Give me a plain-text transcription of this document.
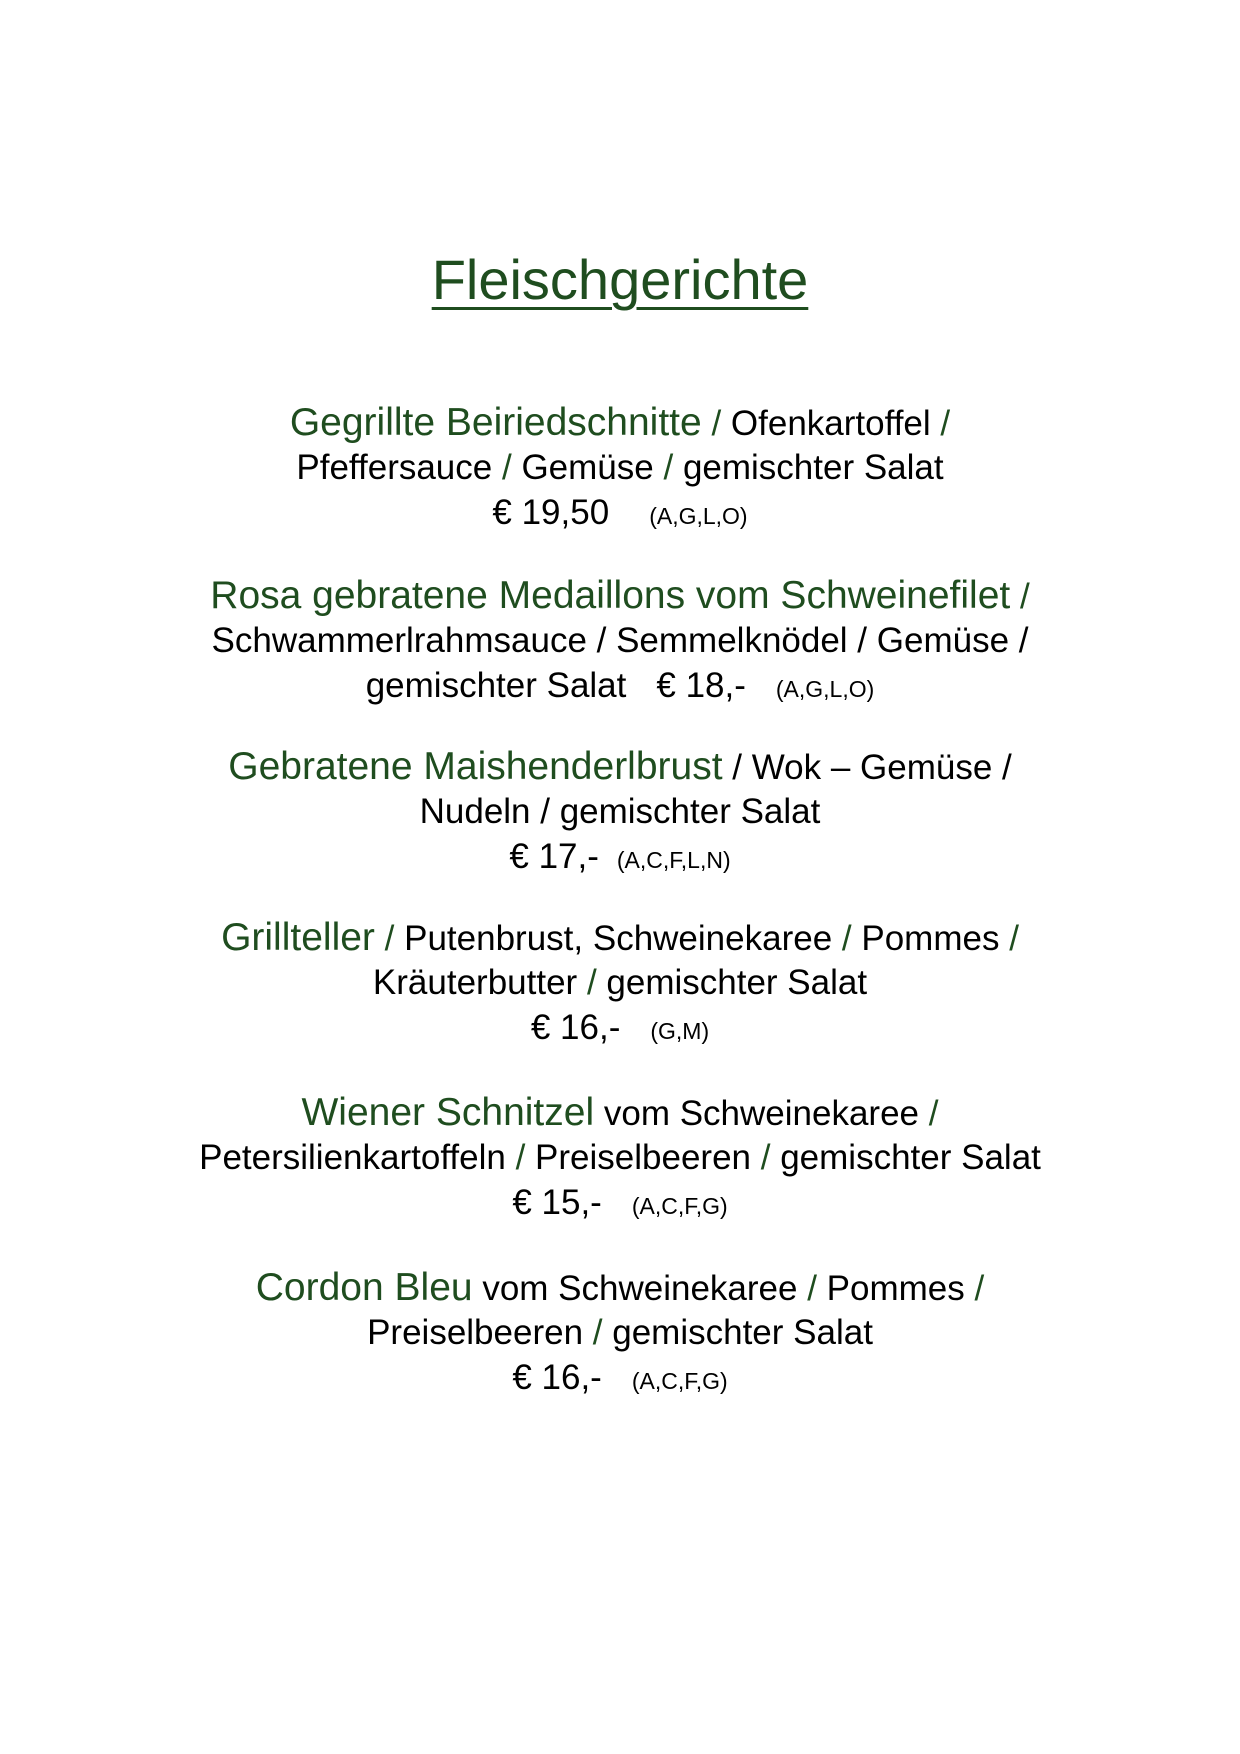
Fleischgerichte
Gegrillte Beiriedschnitte / Ofenkartoffel /
Pfeffersauce / Gemüse / gemischter Salat
€ 19,50 (A,G,L,O)
Rosa gebratene Medaillons vom Schweinefilet /
Schwammerlrahmsauce / Semmelknödel / Gemüse /
gemischter Salat € 18,- (A,G,L,O)
Gebratene Maishenderlbrust / Wok – Gemüse /
Nudeln / gemischter Salat
€ 17,- (A,C,F,L,N)
Grillteller / Putenbrust, Schweinekaree / Pommes /
Kräuterbutter / gemischter Salat
€ 16,- (G,M)
Wiener Schnitzel vom Schweinekaree /
Petersilienkartoffeln / Preiselbeeren / gemischter Salat
€ 15,- (A,C,F,G)
Cordon Bleu vom Schweinekaree / Pommes /
Preiselbeeren / gemischter Salat
€ 16,- (A,C,F,G)
